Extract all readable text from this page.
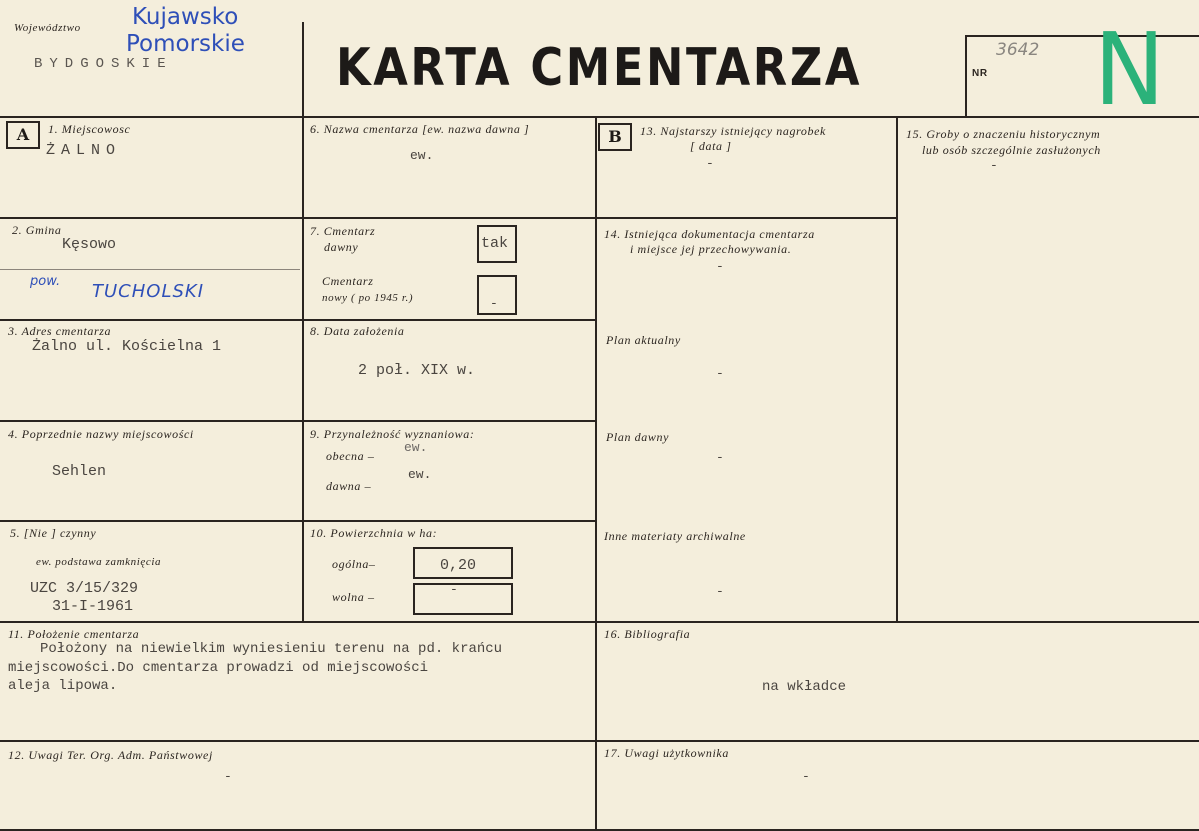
Województwo
BYDGOSKIE
Kujawsko
Pomorskie KARTA CMENTARZA	NR
3642 N
A	B
1. Miejscowosc
ŻALNO
2. Gmina
Kęsowo
pow. TUCHOLSKI
3. Adres cmentarza
Żalno ul. Kościelna 1
4. Poprzednie nazwy miejscowości
Sehlen
5. [Nie ] czynny
ew. podstawa zamknięcia
UZC 3/15/329
31-I-1961
6. Nazwa cmentarza [ew. nazwa dawna ]
ew.
7. Cmentarz
dawny	tak
Cmentarz
nowy ( po 1945 r.)	-
8. Data założenia
2 poł. XIX w.
9. Przynależność wyznaniowa:
obecna –
ew.
dawna –
ew.
10. Powierzchnia w ha:
ogólna–	0,20
wolna –	-
13. Najstarszy istniejący nagrobek
[ data ]
-
14. Istniejąca dokumentacja cmentarza
i miejsce jej przechowywania.
-
Plan aktualny
-
Plan dawny
-
Inne materiaty archiwalne
-
15. Groby o znaczeniu historycznym
lub osób szczególnie zasłużonych
-
11. Położenie cmentarza
Położony na niewielkim wyniesieniu terenu na pd. krańcu
miejscowości.Do cmentarza prowadzi od miejscowości
aleja lipowa.
16. Bibliografia
na wkładce
12. Uwagi Ter. Org. Adm. Państwowej
-
17. Uwagi użytkownika
-
